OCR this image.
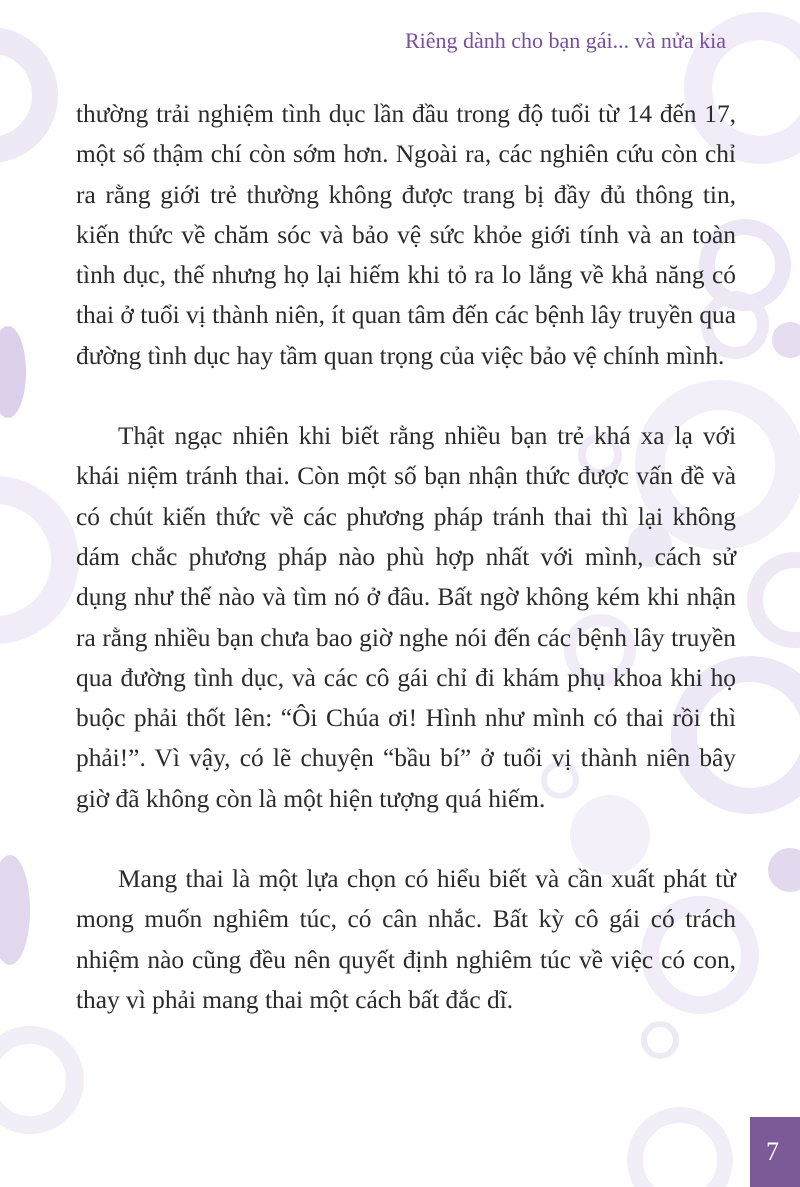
Riêng dành cho bạn gái... và nửa kia

thường trải nghiệm tình dục lần đầu trong độ tuổi từ 14 đến 17, một số thậm chí còn sớm hơn. Ngoài ra, các nghiên cứu còn chỉ ra rằng giới trẻ thường không được trang bị đầy đủ thông tin, kiến thức về chăm sóc và bảo vệ sức khỏe giới tính và an toàn tình dục, thế nhưng họ lại hiếm khi tỏ ra lo lắng về khả năng có thai ở tuổi vị thành niên, ít quan tâm đến các bệnh lây truyền qua đường tình dục hay tầm quan trọng của việc bảo vệ chính mình.

Thật ngạc nhiên khi biết rằng nhiều bạn trẻ khá xa lạ với khái niệm tránh thai. Còn một số bạn nhận thức được vấn đề và có chút kiến thức về các phương pháp tránh thai thì lại không dám chắc phương pháp nào phù hợp nhất với mình, cách sử dụng như thế nào và tìm nó ở đâu. Bất ngờ không kém khi nhận ra rằng nhiều bạn chưa bao giờ nghe nói đến các bệnh lây truyền qua đường tình dục, và các cô gái chỉ đi khám phụ khoa khi họ buộc phải thốt lên: “Ôi Chúa ơi! Hình như mình có thai rồi thì phải!”. Vì vậy, có lẽ chuyện “bầu bí” ở tuổi vị thành niên bây giờ đã không còn là một hiện tượng quá hiếm.

Mang thai là một lựa chọn có hiểu biết và cần xuất phát từ mong muốn nghiêm túc, có cân nhắc. Bất kỳ cô gái có trách nhiệm nào cũng đều nên quyết định nghiêm túc về việc có con, thay vì phải mang thai một cách bất đắc dĩ.

7
